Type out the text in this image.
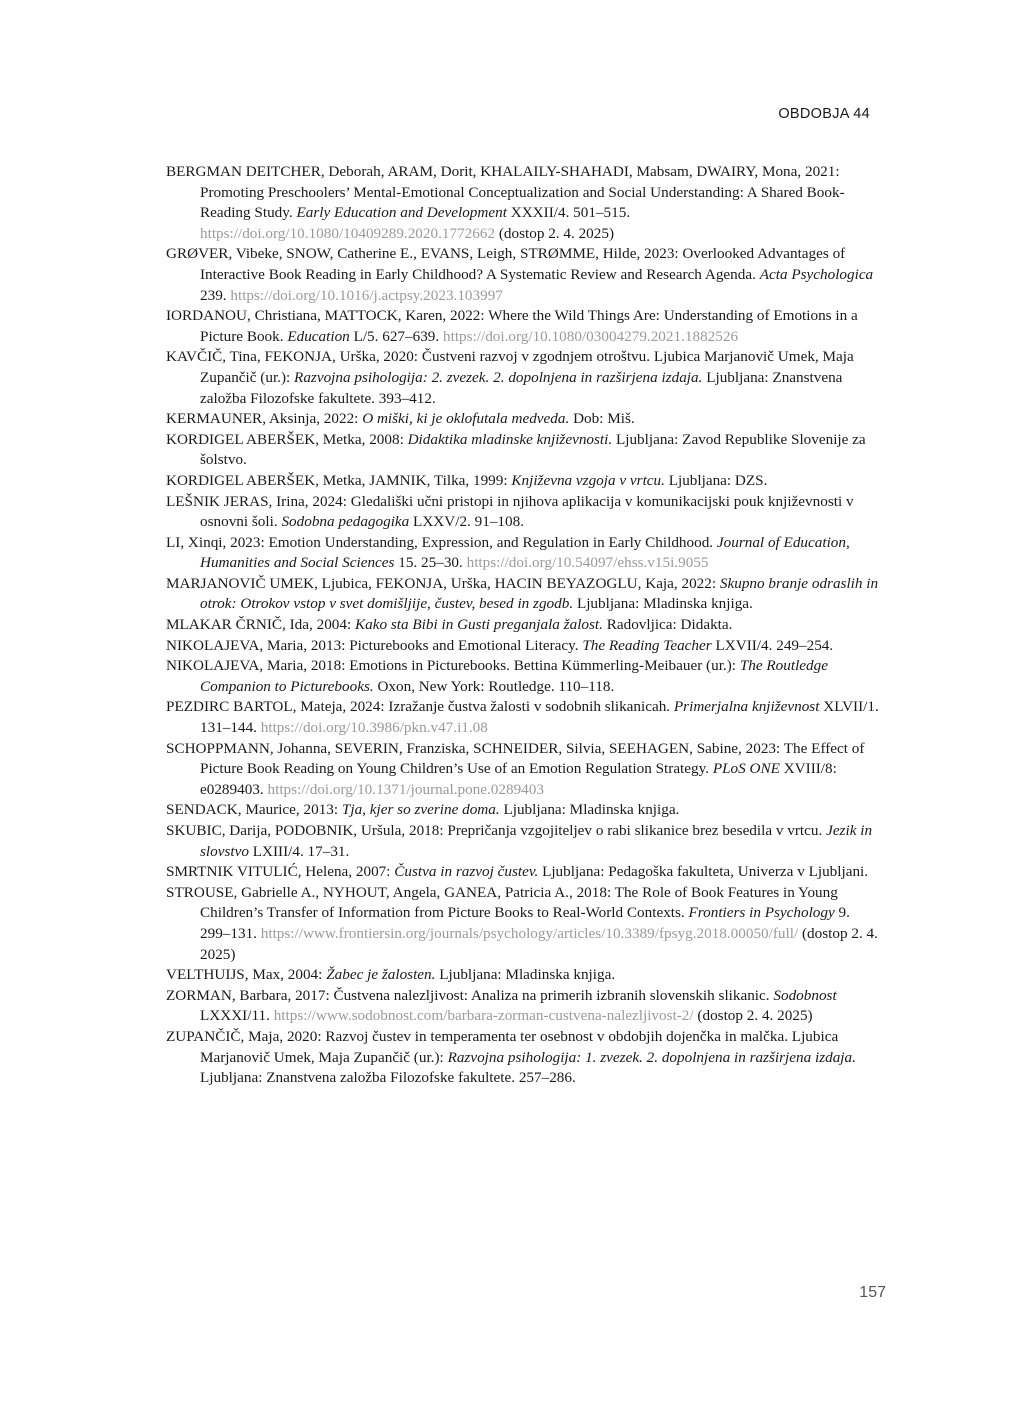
OBDOBJA 44

BERGMAN DEITCHER, Deborah, ARAM, Dorit, KHALAILY-SHAHADI, Mabsam, DWAIRY, Mona, 2021: Promoting Preschoolers’ Mental-Emotional Conceptualization and Social Understanding: A Shared Book-Reading Study. Early Education and Development XXXII/4. 501–515. https://doi.org/10.1080/10409289.2020.1772662 (dostop 2. 4. 2025)

GRØVER, Vibeke, SNOW, Catherine E., EVANS, Leigh, STRØMME, Hilde, 2023: Overlooked Advantages of Interactive Book Reading in Early Childhood? A Systematic Review and Research Agenda. Acta Psychologica 239. https://doi.org/10.1016/j.actpsy.2023.103997

IORDANOU, Christiana, MATTOCK, Karen, 2022: Where the Wild Things Are: Understanding of Emotions in a Picture Book. Education L/5. 627–639. https://doi.org/10.1080/03004279.2021.1882526

KAVČIČ, Tina, FEKONJA, Urška, 2020: Čustveni razvoj v zgodnjem otroštvu. Ljubica Marjanovič Umek, Maja Zupančič (ur.): Razvojna psihologija: 2. zvezek. 2. dopolnjena in razširjena izdaja. Ljubljana: Znanstvena založba Filozofske fakultete. 393–412.

KERMAUNER, Aksinja, 2022: O miški, ki je oklofutala medveda. Dob: Miš.

KORDIGEL ABERŠEK, Metka, 2008: Didaktika mladinske književnosti. Ljubljana: Zavod Republike Slovenije za šolstvo.

KORDIGEL ABERŠEK, Metka, JAMNIK, Tilka, 1999: Književna vzgoja v vrtcu. Ljubljana: DZS.

LEŠNIK JERAS, Irina, 2024: Gledališki učni pristopi in njihova aplikacija v komunikacijski pouk književnosti v osnovni šoli. Sodobna pedagogika LXXV/2. 91–108.

LI, Xinqi, 2023: Emotion Understanding, Expression, and Regulation in Early Childhood. Journal of Education, Humanities and Social Sciences 15. 25–30. https://doi.org/10.54097/ehss.v15i.9055

MARJANOVIČ UMEK, Ljubica, FEKONJA, Urška, HACIN BEYAZOGLU, Kaja, 2022: Skupno branje odraslih in otrok: Otrokov vstop v svet domišljije, čustev, besed in zgodb. Ljubljana: Mladinska knjiga.

MLAKAR ČRNIČ, Ida, 2004: Kako sta Bibi in Gusti preganjala žalost. Radovljica: Didakta.

NIKOLAJEVA, Maria, 2013: Picturebooks and Emotional Literacy. The Reading Teacher LXVII/4. 249–254.

NIKOLAJEVA, Maria, 2018: Emotions in Picturebooks. Bettina Kümmerling-Meibauer (ur.): The Routledge Companion to Picturebooks. Oxon, New York: Routledge. 110–118.

PEZDIRC BARTOL, Mateja, 2024: Izražanje čustva žalosti v sodobnih slikanicah. Primerjalna književnost XLVII/1. 131–144. https://doi.org/10.3986/pkn.v47.i1.08

SCHOPPMANN, Johanna, SEVERIN, Franziska, SCHNEIDER, Silvia, SEEHAGEN, Sabine, 2023: The Effect of Picture Book Reading on Young Children’s Use of an Emotion Regulation Strategy. PLoS ONE XVIII/8: e0289403. https://doi.org/10.1371/journal.pone.0289403

SENDACK, Maurice, 2013: Tja, kjer so zverine doma. Ljubljana: Mladinska knjiga.

SKUBIC, Darija, PODOBNIK, Uršula, 2018: Prepričanja vzgojiteljev o rabi slikanice brez besedila v vrtcu. Jezik in slovstvo LXIII/4. 17–31.

SMRTNIK VITULIĆ, Helena, 2007: Čustva in razvoj čustev. Ljubljana: Pedagoška fakulteta, Univerza v Ljubljani.

STROUSE, Gabrielle A., NYHOUT, Angela, GANEA, Patricia A., 2018: The Role of Book Features in Young Children’s Transfer of Information from Picture Books to Real-World Contexts. Frontiers in Psychology 9. 299–131. https://www.frontiersin.org/journals/psychology/articles/10.3389/fpsyg.2018.00050/full/ (dostop 2. 4. 2025)

VELTHUIJS, Max, 2004: Žabec je žalosten. Ljubljana: Mladinska knjiga.

ZORMAN, Barbara, 2017: Čustvena nalezljivost: Analiza na primerih izbranih slovenskih slikanic. Sodobnost LXXXI/11. https://www.sodobnost.com/barbara-zorman-custvena-nalezljivost-2/ (dostop 2. 4. 2025)

ZUPANČIČ, Maja, 2020: Razvoj čustev in temperamenta ter osebnost v obdobjih dojenčka in malčka. Ljubica Marjanovič Umek, Maja Zupančič (ur.): Razvojna psihologija: 1. zvezek. 2. dopolnjena in razširjena izdaja. Ljubljana: Znanstvena založba Filozofske fakultete. 257–286.

157
